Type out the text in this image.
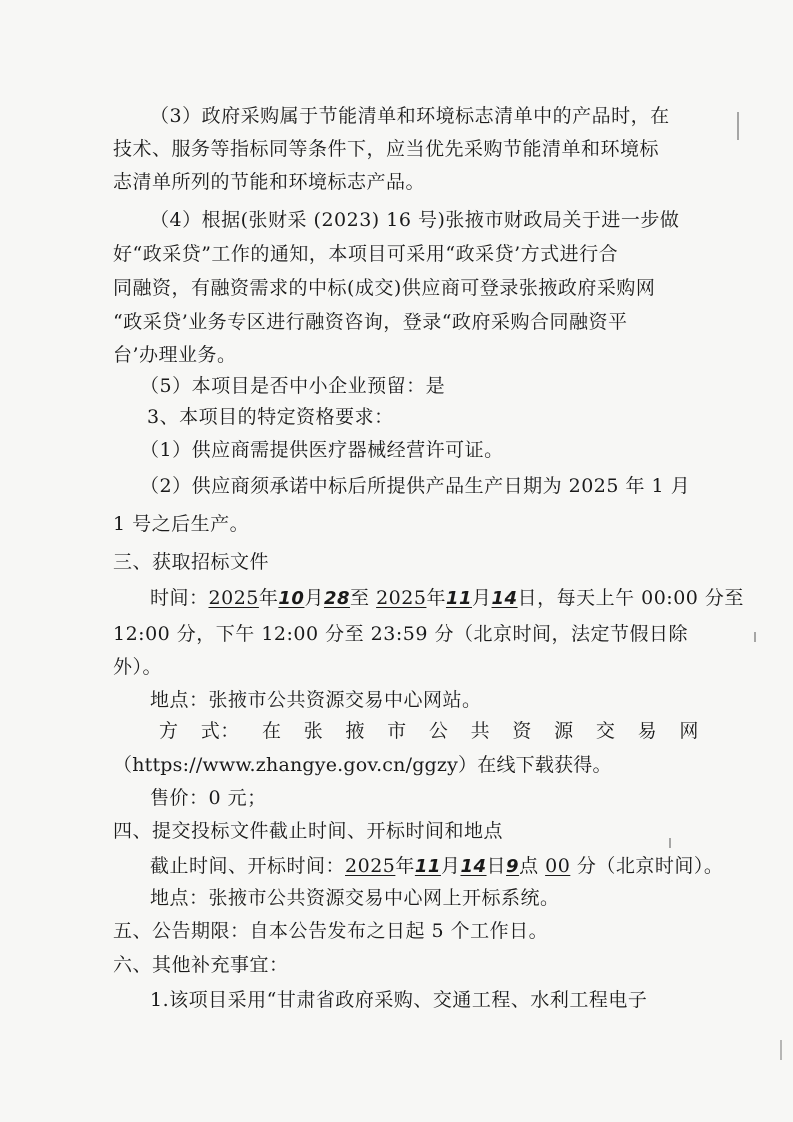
（3）政府采购属于节能清单和环境标志清单中的产品时，在
技术、服务等指标同等条件下，应当优先采购节能清单和环境标
志清单所列的节能和环境标志产品。
（4）根据(张财采 (2023) 16 号)张掖市财政局关于进一步做
好“政采贷”工作的通知，本项目可采用“政采贷’方式进行合
同融资，有融资需求的中标(成交)供应商可登录张掖政府采购网
“政采贷’业务专区进行融资咨询，登录“政府采购合同融资平
台’办理业务。
（5）本项目是否中小企业预留：是
3、本项目的特定资格要求：
（1）供应商需提供医疗器械经营许可证。
（2）供应商须承诺中标后所提供产品生产日期为 2025 年 1 月
1 号之后生产。
三、获取招标文件
时间：2025年10月28至 2025年11月14日，每天上午 00:00 分至
12:00 分，下午 12:00 分至 23:59 分（北京时间，法定节假日除
外）。
地点：张掖市公共资源交易中心网站。
方 式： 在 张 掖 市 公 共 资 源 交 易 网
（https://www.zhangye.gov.cn/ggzy）在线下载获得。
售价：0 元；
四、提交投标文件截止时间、开标时间和地点
截止时间、开标时间：2025年11月14日9点 00 分（北京时间）。
地点：张掖市公共资源交易中心网上开标系统。
五、公告期限：自本公告发布之日起 5 个工作日。
六、其他补充事宜：
1.该项目采用“甘肃省政府采购、交通工程、水利工程电子
